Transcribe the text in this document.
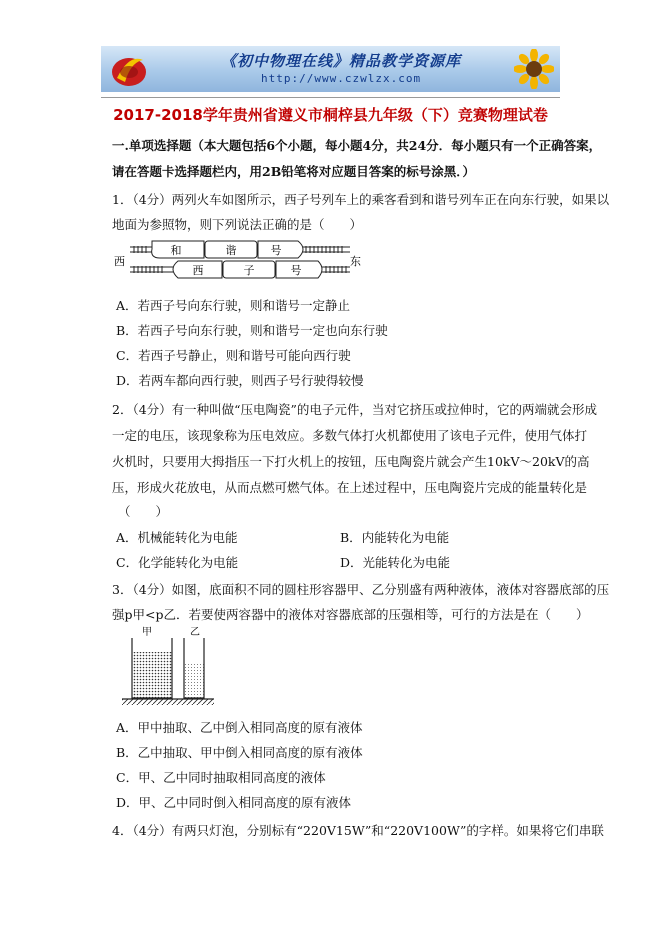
《初中物理在线》精品教学资源库
http://www.czwlzx.com
2017-2018学年贵州省遵义市桐梓县九年级（下）竞赛物理试卷
一.单项选择题（本大题包括6个小题，每小题4分，共24分．每小题只有一个正确答案，
请在答题卡选择题栏内，用2B铅笔将对应题目答案的标号涂黑．）
1．（4分）两列火车如图所示，西子号列车上的乘客看到和谐号列车正在向东行驶，如果以
地面为参照物，则下列说法正确的是（　　）
和	谐	号
西	子	号
西	东
A．若西子号向东行驶，则和谐号一定静止
B．若西子号向东行驶，则和谐号一定也向东行驶
C．若西子号静止，则和谐号可能向西行驶
D．若两车都向西行驶，则西子号行驶得较慢
2．（4分）有一种叫做“压电陶瓷”的电子元件，当对它挤压或拉伸时，它的两端就会形成
一定的电压，该现象称为压电效应。多数气体打火机都使用了该电子元件，使用气体打
火机时，只要用大拇指压一下打火机上的按钮，压电陶瓷片就会产生10kV～20kV的高
压，形成火花放电，从而点燃可燃气体。在上述过程中，压电陶瓷片完成的能量转化是
（　　）
A．机械能转化为电能	B．内能转化为电能
C．化学能转化为电能	D．光能转化为电能
3．（4分）如图，底面积不同的圆柱形容器甲、乙分别盛有两种液体，液体对容器底部的压
强p甲<p乙．若要使两容器中的液体对容器底部的压强相等，可行的方法是在（　　）
甲	乙
A．甲中抽取、乙中倒入相同高度的原有液体
B．乙中抽取、甲中倒入相同高度的原有液体
C．甲、乙中同时抽取相同高度的液体
D．甲、乙中同时倒入相同高度的原有液体
4．（4分）有两只灯泡，分别标有“220V15W”和“220V100W”的字样。如果将它们串联
